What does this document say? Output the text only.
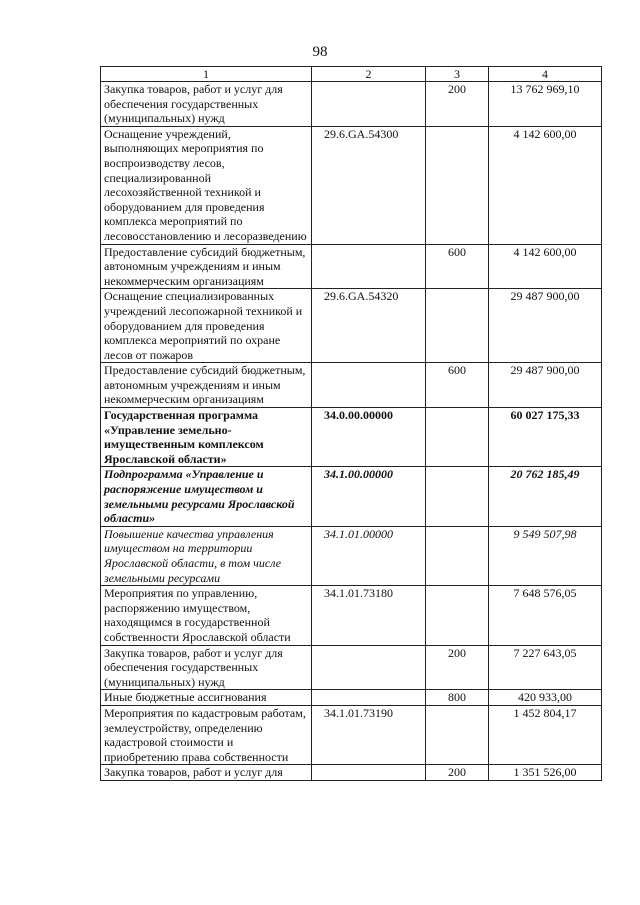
98
1	2	3	4
Закупка товаров, работ и услуг для обеспечения государственных (муниципальных) нужд		200	13 762 969,10
Оснащение учреждений, выполняющих мероприятия по воспроизводству лесов, специализированной лесохозяйственной техникой и оборудованием для проведения комплекса мероприятий по лесовосстановлению и лесоразведению	29.6.GA.54300		4 142 600,00
Предоставление субсидий бюджетным, автономным учреждениям и иным некоммерческим организациям		600	4 142 600,00
Оснащение специализированных учреждений лесопожарной техникой и оборудованием для проведения комплекса мероприятий по охране лесов от пожаров	29.6.GA.54320		29 487 900,00
Предоставление субсидий бюджетным, автономным учреждениям и иным некоммерческим организациям		600	29 487 900,00
Государственная программа «Управление земельно-имущественным комплексом Ярославской области»	34.0.00.00000		60 027 175,33
Подпрограмма «Управление и распоряжение имуществом и земельными ресурсами Ярославской области»	34.1.00.00000		20 762 185,49
Повышение качества управления имуществом на территории Ярославской области, в том числе земельными ресурсами	34.1.01.00000		9 549 507,98
Мероприятия по управлению, распоряжению имуществом, находящимся в государственной собственности Ярославской области	34.1.01.73180		7 648 576,05
Закупка товаров, работ и услуг для обеспечения государственных (муниципальных) нужд		200	7 227 643,05
Иные бюджетные ассигнования		800	420 933,00
Мероприятия по кадастровым работам, землеустройству, определению кадастровой стоимости и приобретению права собственности	34.1.01.73190		1 452 804,17
Закупка товаров, работ и услуг для		200	1 351 526,00
